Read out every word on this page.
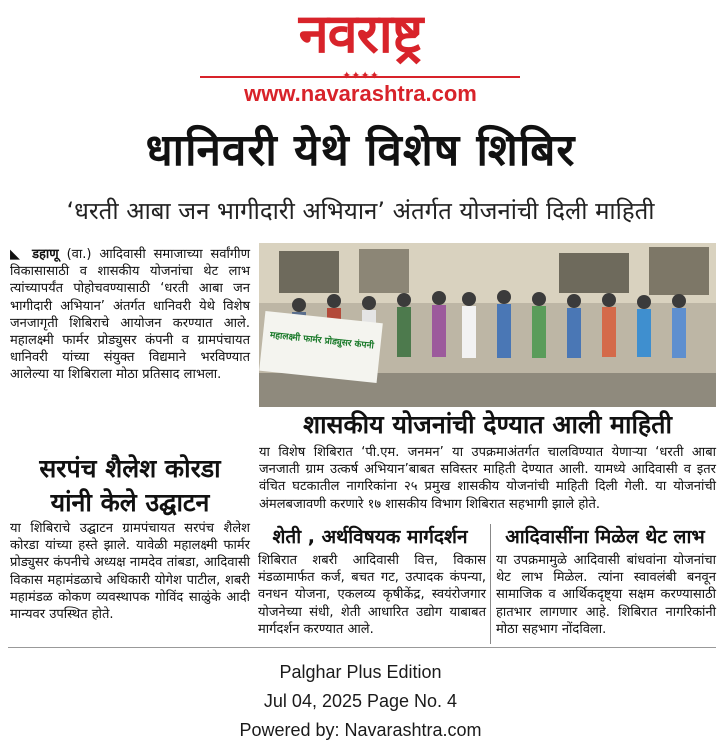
नवराष्ट्र
✦✦✦✦
www.navarashtra.com
धानिवरी येथे विशेष शिबिर
‘धरती आबा जन भागीदारी अभियान’ अंतर्गत योजनांची दिली माहिती
◣ डहाणू (वा.) आदिवासी समाजाच्या सर्वांगीण विकासासाठी व शासकीय योजनांचा थेट लाभ त्यांच्यापर्यंत पोहोचवण्यासाठी ‘धरती आबा जन भागीदारी अभियान’ अंतर्गत धानिवरी येथे विशेष जनजागृती शिबिराचे आयोजन करण्यात आले. महालक्ष्मी फार्मर प्रोड्युसर कंपनी व ग्रामपंचायत धानिवरी यांच्या संयुक्त विद्यमाने भरविण्यात आलेल्या या शिबिराला मोठा प्रतिसाद लाभला.
सरपंच शैलेश कोरडा
यांनी केले उद्घाटन
या शिबिराचे उद्घाटन ग्रामपंचायत सरपंच शैलेश कोरडा यांच्या हस्ते झाले. यावेळी महालक्ष्मी फार्मर प्रोड्युसर कंपनीचे अध्यक्ष नामदेव तांबडा, आदिवासी विकास महामंडळाचे अधिकारी योगेश पाटील, शबरी महामंडळ कोकण व्यवस्थापक गोविंद साळुंके आदी मान्यवर उपस्थित होते.
महालक्ष्मी फार्मर प्रोड्युसर कंपनी
शासकीय योजनांची देण्यात आली माहिती
या विशेष शिबिरात ‘पी.एम. जनमन’ या उपक्रमाअंतर्गत चालविण्यात येणाऱ्या ‘धरती आबा जनजाती ग्राम उत्कर्ष अभियान’बाबत सविस्तर माहिती देण्यात आली. यामध्ये आदिवासी व इतर वंचित घटकातील नागरिकांना २५ प्रमुख शासकीय योजनांची माहिती दिली गेली. या योजनांची अंमलबजावणी करणारे १७ शासकीय विभाग शिबिरात सहभागी झाले होते.
शेती , अर्थविषयक मार्गदर्शन
शिबिरात शबरी आदिवासी वित्त, विकास मंडळामार्फत कर्ज, बचत गट, उत्पादक कंपन्या, वनधन योजना, एकलव्य कृषीकेंद्र, स्वयंरोजगार योजनेच्या संधी, शेती आधारित उद्योग याबाबत मार्गदर्शन करण्यात आले.
आदिवासींना मिळेल थेट लाभ
या उपक्रमामुळे आदिवासी बांधवांना योजनांचा थेट लाभ मिळेल. त्यांना स्वावलंबी बनवून सामाजिक व आर्थिकदृष्ट्या सक्षम करण्यासाठी हातभार लागणार आहे. शिबिरात नागरिकांनी मोठा सहभाग नोंदविला.
Palghar Plus Edition
Jul 04, 2025 Page No. 4
Powered by: Navarashtra.com
